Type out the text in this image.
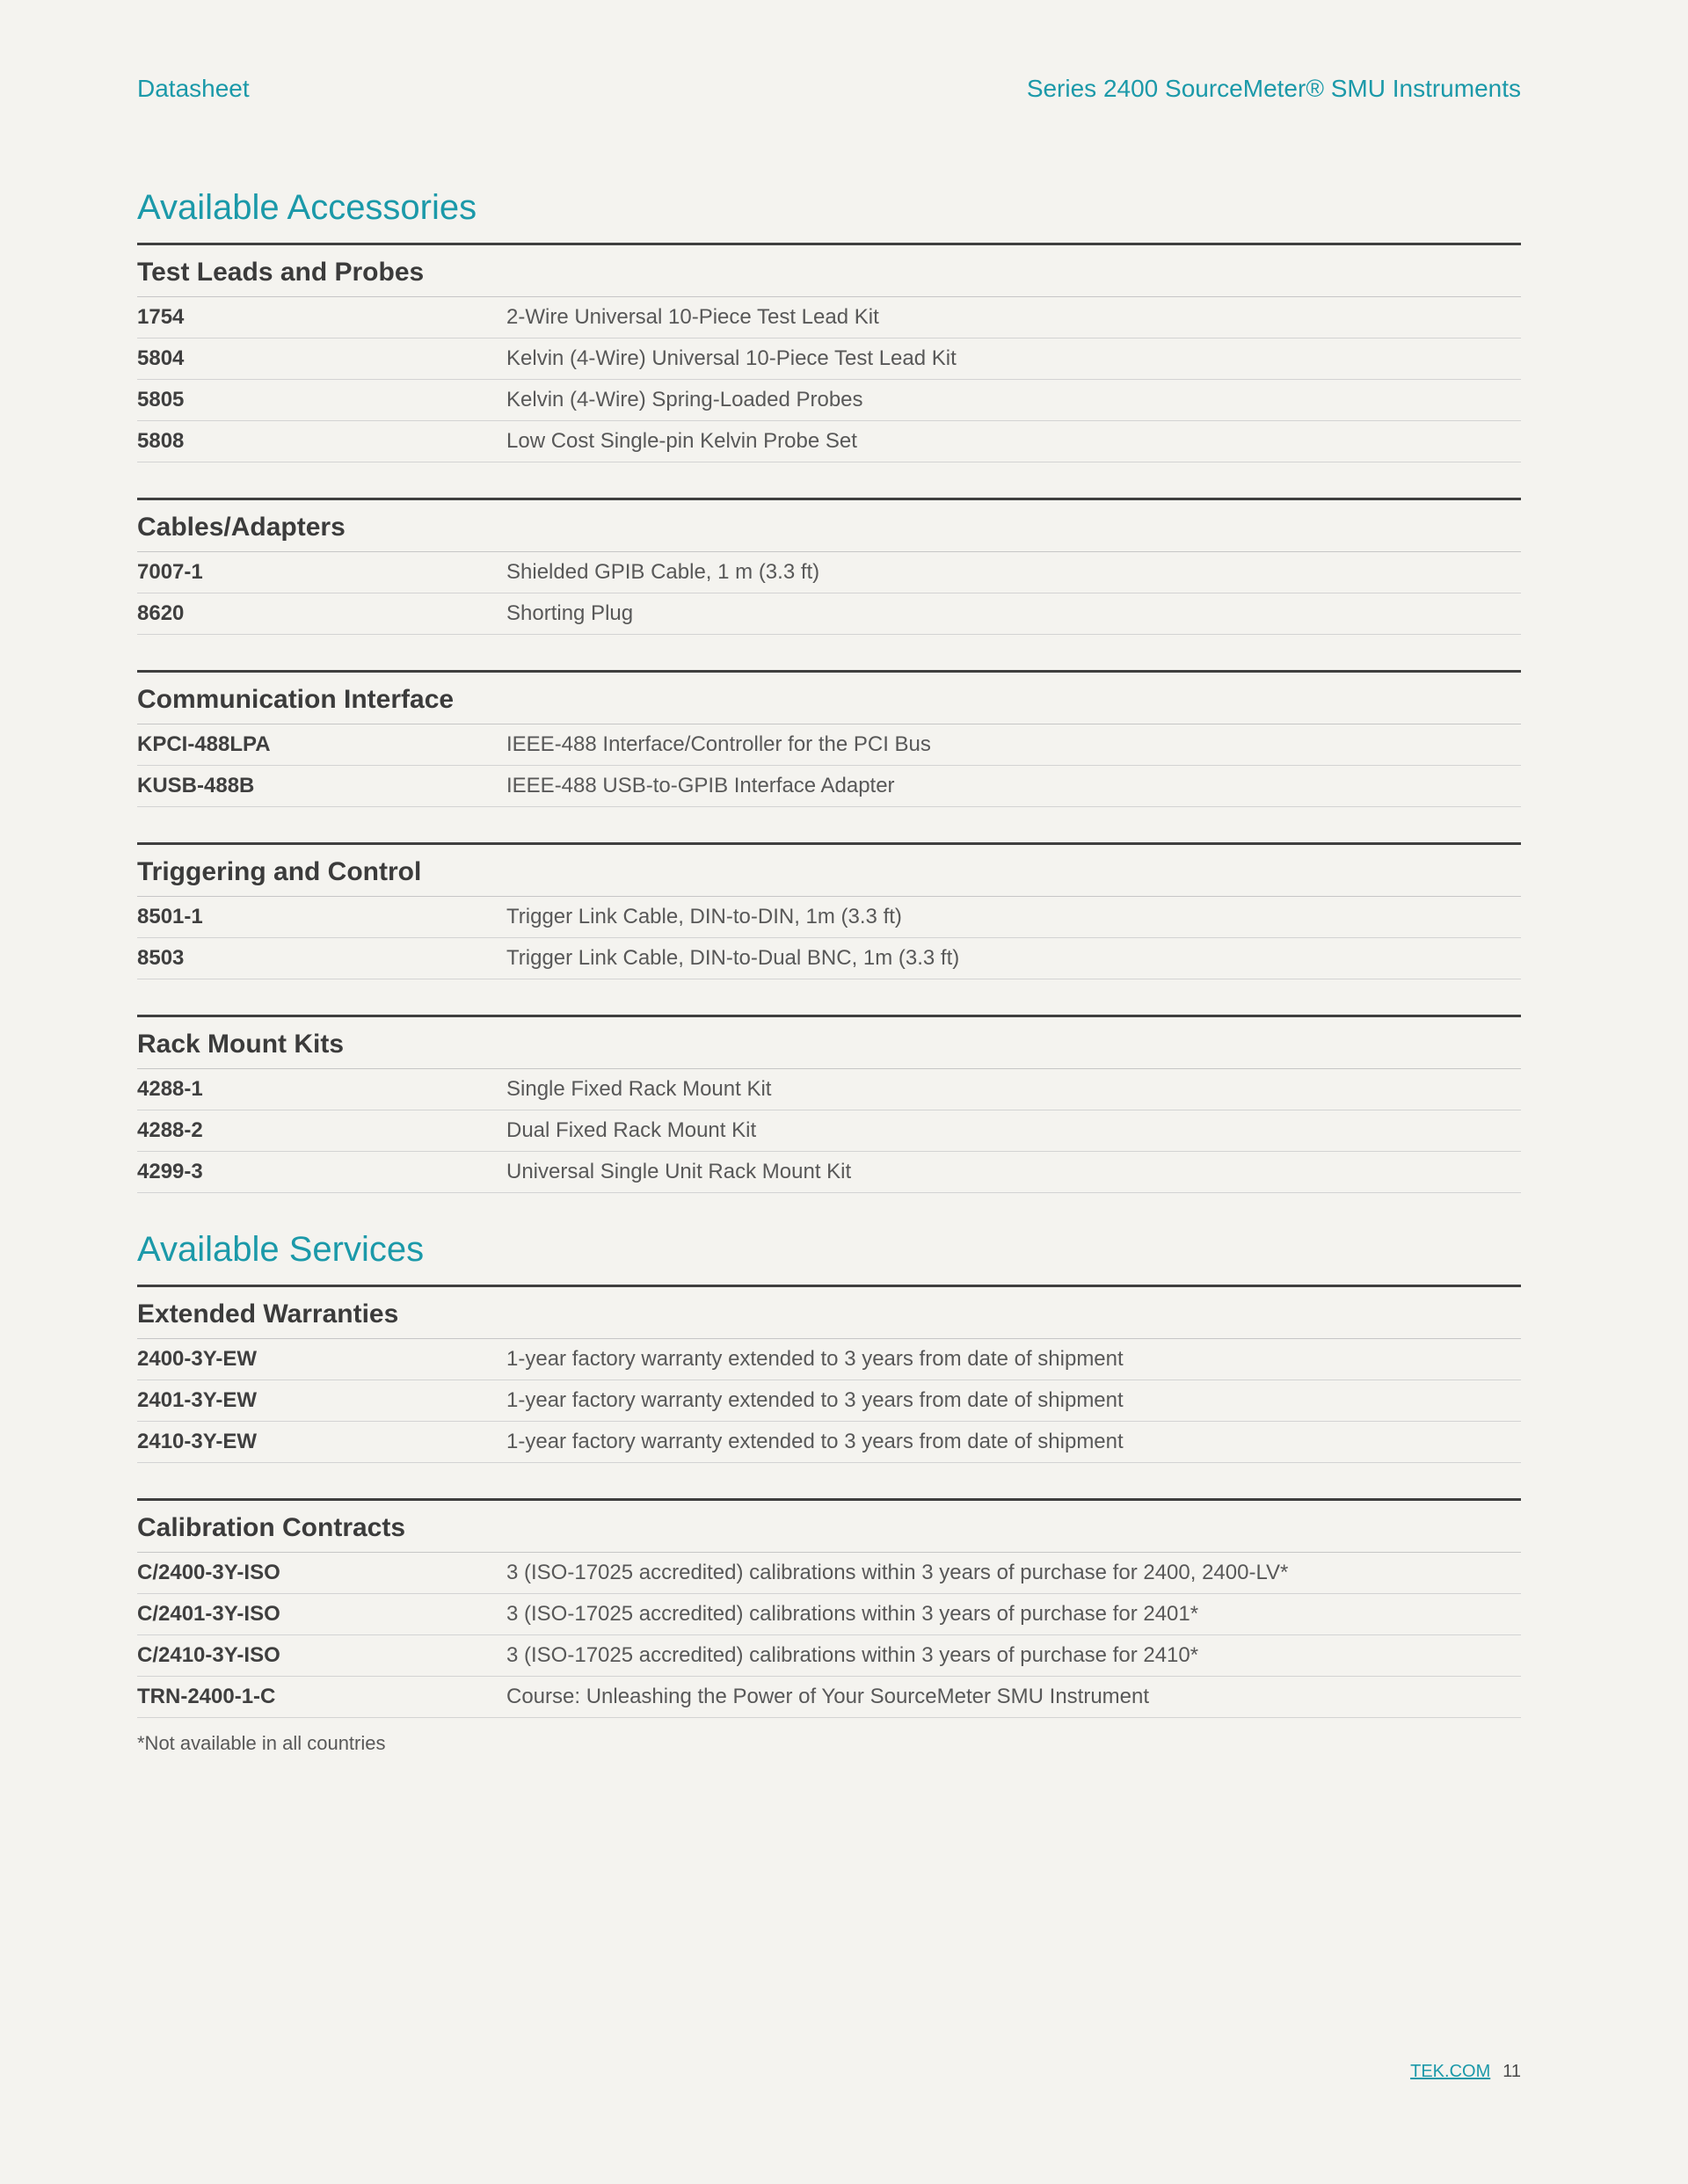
Datasheet	Series 2400 SourceMeter® SMU Instruments
Available Accessories
Test Leads and Probes
1754	2-Wire Universal 10-Piece Test Lead Kit
5804	Kelvin (4-Wire) Universal 10-Piece Test Lead Kit
5805	Kelvin (4-Wire) Spring-Loaded Probes
5808	Low Cost Single-pin Kelvin Probe Set
Cables/Adapters
7007-1	Shielded GPIB Cable, 1 m (3.3 ft)
8620	Shorting Plug
Communication Interface
KPCI-488LPA	IEEE-488 Interface/Controller for the PCI Bus
KUSB-488B	IEEE-488 USB-to-GPIB Interface Adapter
Triggering and Control
8501-1	Trigger Link Cable, DIN-to-DIN, 1m (3.3 ft)
8503	Trigger Link Cable, DIN-to-Dual BNC, 1m (3.3 ft)
Rack Mount Kits
4288-1	Single Fixed Rack Mount Kit
4288-2	Dual Fixed Rack Mount Kit
4299-3	Universal Single Unit Rack Mount Kit
Available Services
Extended Warranties
2400-3Y-EW	1-year factory warranty extended to 3 years from date of shipment
2401-3Y-EW	1-year factory warranty extended to 3 years from date of shipment
2410-3Y-EW	1-year factory warranty extended to 3 years from date of shipment
Calibration Contracts
C/2400-3Y-ISO	3 (ISO-17025 accredited) calibrations within 3 years of purchase for 2400, 2400-LV*
C/2401-3Y-ISO	3 (ISO-17025 accredited) calibrations within 3 years of purchase for 2401*
C/2410-3Y-ISO	3 (ISO-17025 accredited) calibrations within 3 years of purchase for 2410*
TRN-2400-1-C	Course: Unleashing the Power of Your SourceMeter SMU Instrument
*Not available in all countries
TEK.COM 11
